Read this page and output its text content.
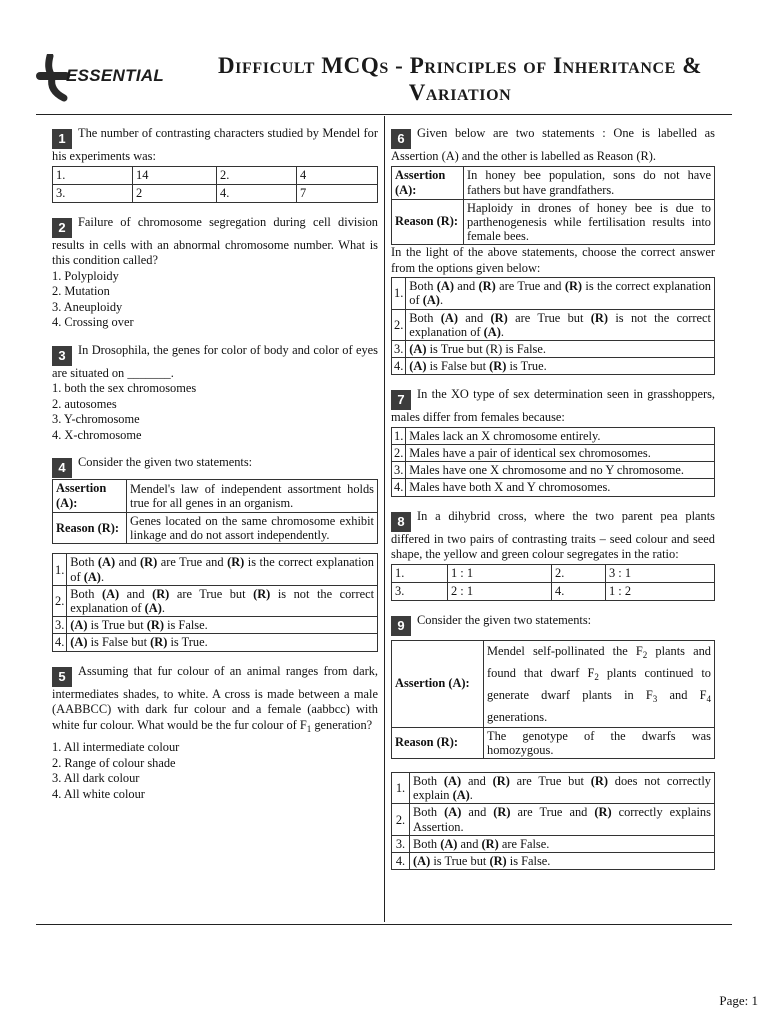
ESSENTIAL	Difficult MCQs - Principles of Inheritance &
Variation
1 The number of contrasting characters studied by Mendel for his experiments was:
1.	14	2.	4
3.	2	4.	7
2 Failure of chromosome segregation during cell division results in cells with an abnormal chromosome number. What is this condition called?
1. Polyploidy
2. Mutation
3. Aneuploidy
4. Crossing over
3 In Drosophila, the genes for color of body and color of eyes are situated on _______.
1. both the sex chromosomes
2. autosomes
3. Y-chromosome
4. X-chromosome
4 Consider the given two statements:
Assertion (A):	Mendel's law of independent assortment holds true for all genes in an organism.
Reason (R):	Genes located on the same chromosome exhibit linkage and do not assort independently.
1.	Both (A) and (R) are True and (R) is the correct explanation of (A).
2.	Both (A) and (R) are True but (R) is not the correct explanation of (A).
3.	(A) is True but (R) is False.
4.	(A) is False but (R) is True.
5 Assuming that fur colour of an animal ranges from dark, intermediates shades, to white. A cross is made between a male (AABBCC) with dark fur colour and a female (aabbcc) with white fur colour. What would be the fur colour of $F_1$ generation?
1. All intermediate colour
2. Range of colour shade
3. All dark colour
4. All white colour
6 Given below are two statements : One is labelled as Assertion (A) and the other is labelled as Reason (R).
Assertion (A):	In honey bee population, sons do not have fathers but have grandfathers.
Reason (R):	Haploidy in drones of honey bee is due to parthenogenesis while fertilisation results into female bees.
In the light of the above statements, choose the correct answer from the options given below:
1.	Both (A) and (R) are True and (R) is the correct explanation of (A).
2.	Both (A) and (R) are True but (R) is not the correct explanation of (A).
3.	(A) is True but (R) is False.
4.	(A) is False but (R) is True.
7 In the XO type of sex determination seen in grasshoppers, males differ from females because:
1.	Males lack an X chromosome entirely.
2.	Males have a pair of identical sex chromosomes.
3.	Males have one X chromosome and no Y chromosome.
4.	Males have both X and Y chromosomes.
8 In a dihybrid cross, where the two parent pea plants differed in two pairs of contrasting traits – seed colour and seed shape, the yellow and green colour segregates in the ratio:
1.	1 : 1	2.	3 : 1
3.	2 : 1	4.	1 : 2
9 Consider the given two statements:
Assertion (A):	Mendel self-pollinated the $F_2$ plants and found that dwarf $F_2$ plants continued to generate dwarf plants in $F_3$ and $F_4$ generations.
Reason (R):	The genotype of the dwarfs was homozygous.
1.	Both (A) and (R) are True but (R) does not correctly explain (A).
2.	Both (A) and (R) are True and (R) correctly explains Assertion.
3.	Both (A) and (R) are False.
4.	(A) is True but (R) is False.
Page: 1
